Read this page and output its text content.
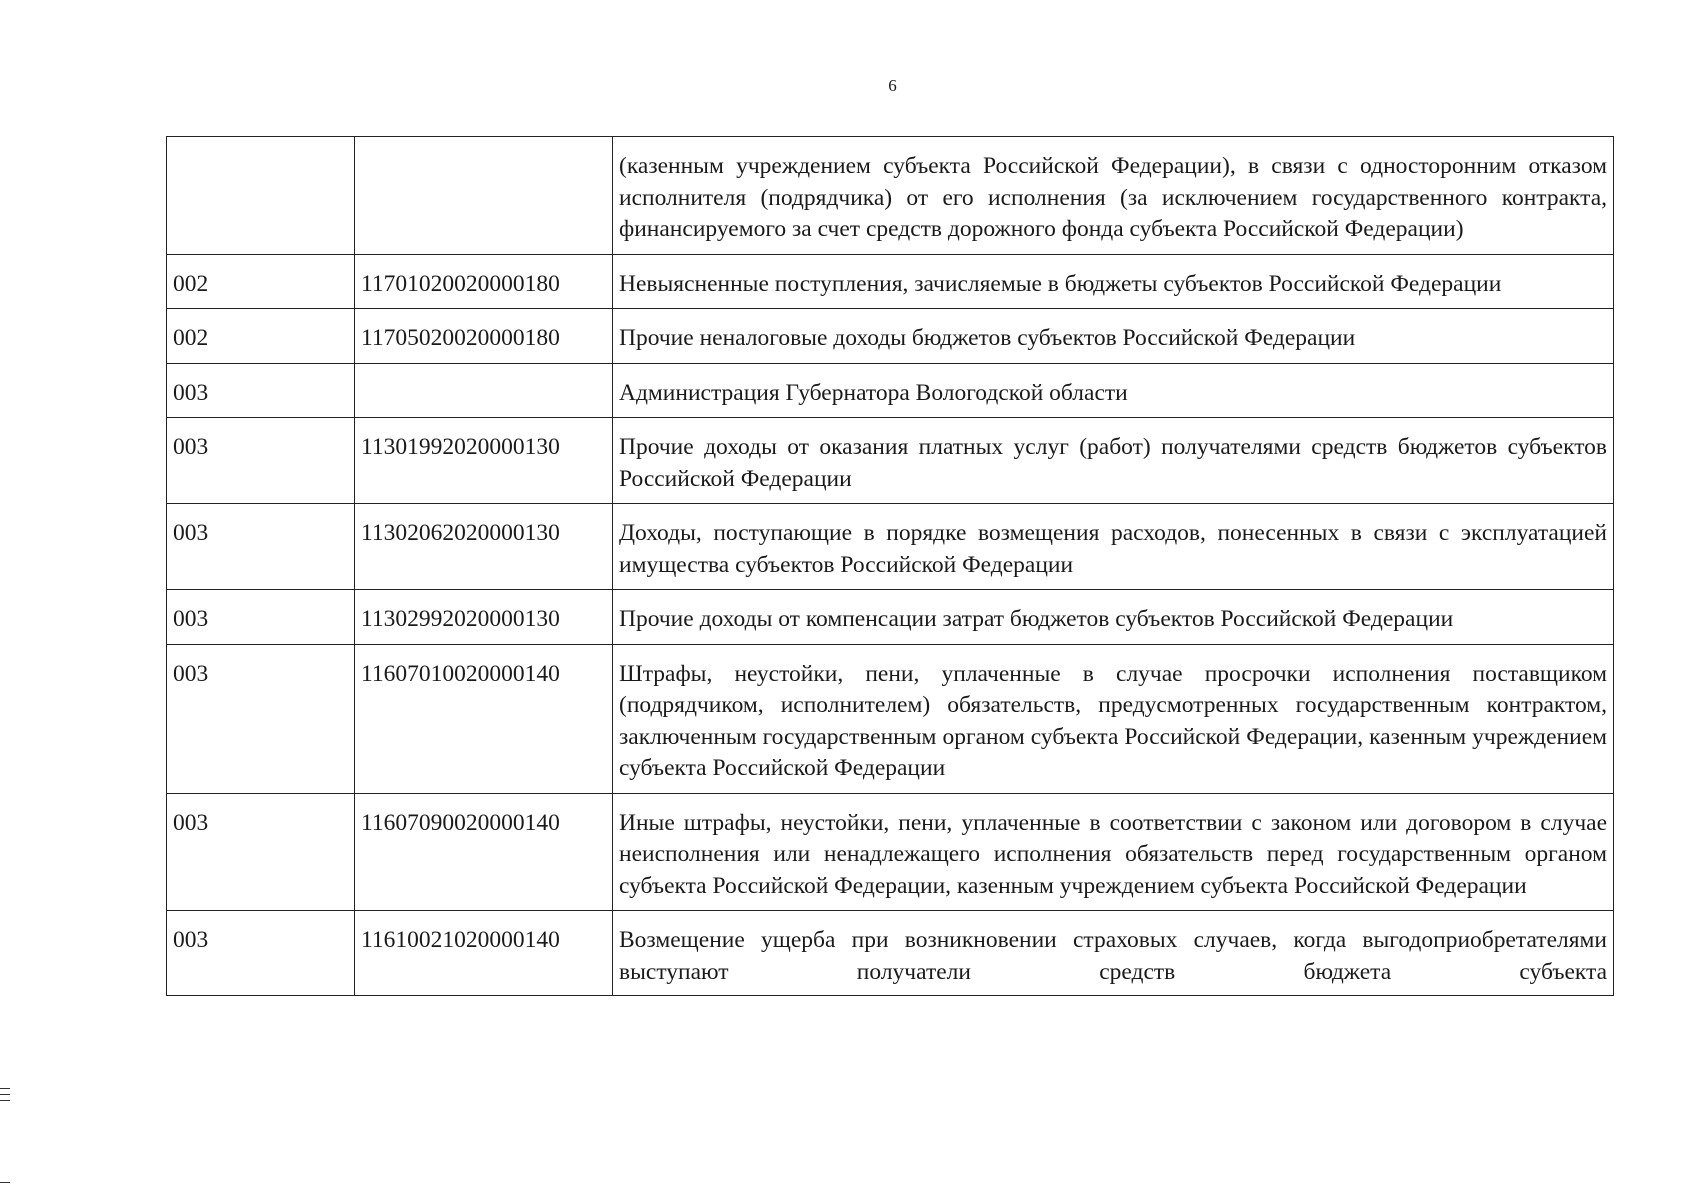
6
		(казенным учреждением субъекта Российской Федерации), в связи с односторонним отказом исполнителя (подрядчика) от его исполнения (за исключением государственного контракта, финансируемого за счет средств дорожного фонда субъекта Российской Федерации)
002	11701020020000180	Невыясненные поступления, зачисляемые в бюджеты субъектов Российской Федерации
002	11705020020000180	Прочие неналоговые доходы бюджетов субъектов Российской Федерации
003		Администрация Губернатора Вологодской области
003	11301992020000130	Прочие доходы от оказания платных услуг (работ) получателями средств бюджетов субъектов Российской Федерации
003	11302062020000130	Доходы, поступающие в порядке возмещения расходов, понесенных в связи с эксплуатацией имущества субъектов Российской Федерации
003	11302992020000130	Прочие доходы от компенсации затрат бюджетов субъектов Российской Федерации
003	11607010020000140	Штрафы, неустойки, пени, уплаченные в случае просрочки исполнения поставщиком (подрядчиком, исполнителем) обязательств, предусмотренных государственным контрактом, заключенным государственным органом субъекта Российской Федерации, казенным учреждением субъекта Российской Федерации
003	11607090020000140	Иные штрафы, неустойки, пени, уплаченные в соответствии с законом или договором в случае неисполнения или ненадлежащего исполнения обязательств перед государственным органом субъекта Российской Федерации, казенным учреждением субъекта Российской Федерации

003	11610021020000140	Возмещение ущерба при возникновении страховых случаев, когда выгодоприобретателями выступают получатели средств бюджета субъекта
